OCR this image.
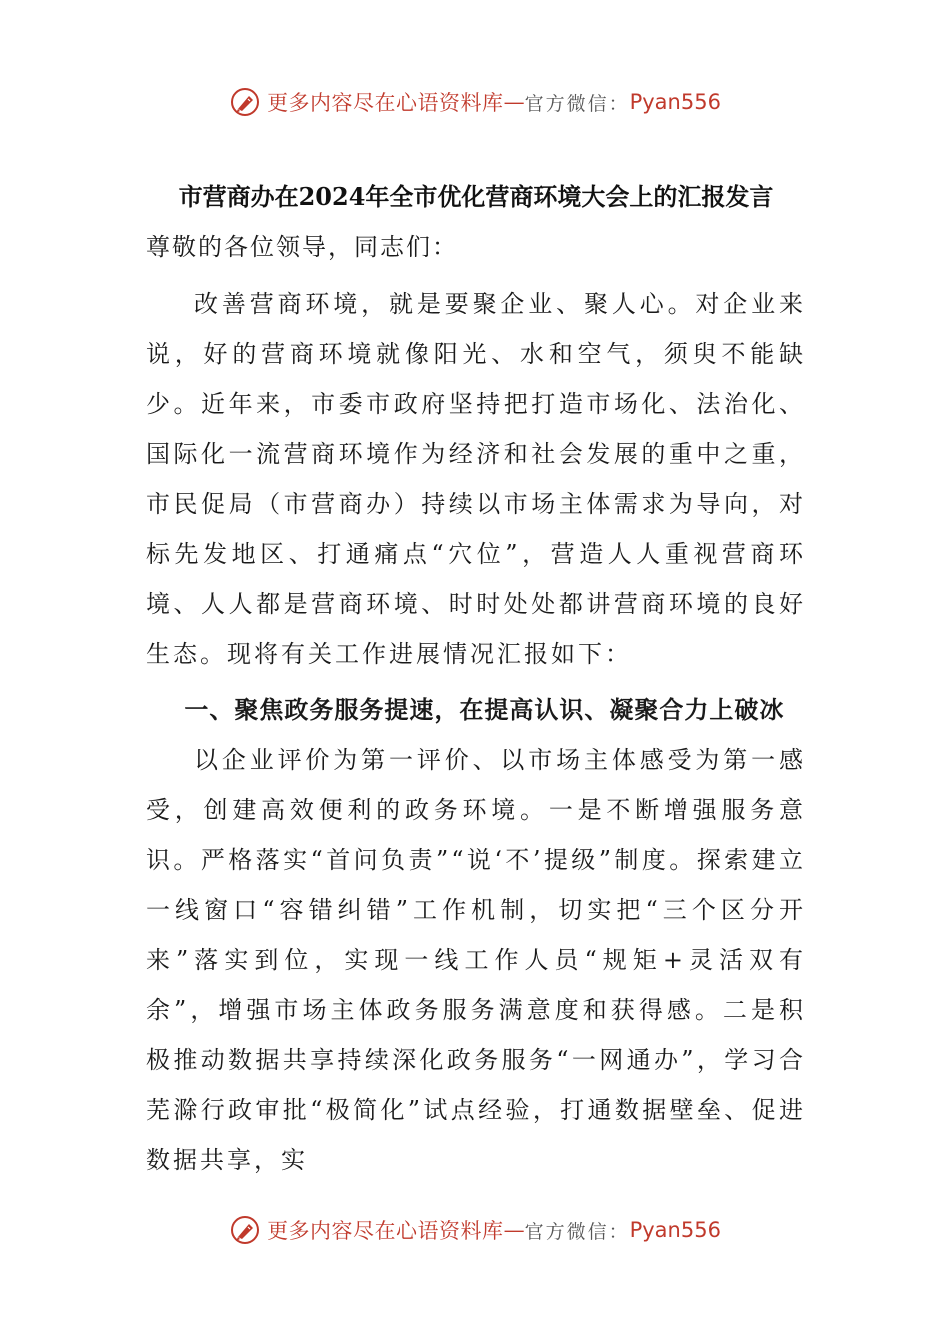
更多内容尽在心语资料库 — 官方微信： Pyan556
市营商办在2024年全市优化营商环境大会上的汇报发言

尊敬的各位领导，同志们：

改善营商环境，就是要聚企业、聚人心。对企业来说，好的营商环境就像阳光、水和空气，须臾不能缺少。近年来，市委市政府坚持把打造市场化、法治化、国际化一流营商环境作为经济和社会发展的重中之重，市民促局（市营商办）持续以市场主体需求为导向，对标先发地区、打通痛点“穴位”，营造人人重视营商环境、人人都是营商环境、时时处处都讲营商环境的良好生态。现将有关工作进展情况汇报如下：

一、聚焦政务服务提速，在提高认识、凝聚合力上破冰

以企业评价为第一评价、以市场主体感受为第一感受，创建高效便利的政务环境。一是不断增强服务意识。严格落实“首问负责”“说‘不’提级”制度。探索建立一线窗口“容错纠错”工作机制，切实把“三个区分开来”落实到位，实现一线工作人员“规矩+灵活双有余”，增强市场主体政务服务满意度和获得感。二是积极推动数据共享持续深化政务服务“一网通办”，学习合芜滁行政审批“极简化”试点经验，打通数据壁垒、促进数据共享，实

更多内容尽在心语资料库 — 官方微信： Pyan556
